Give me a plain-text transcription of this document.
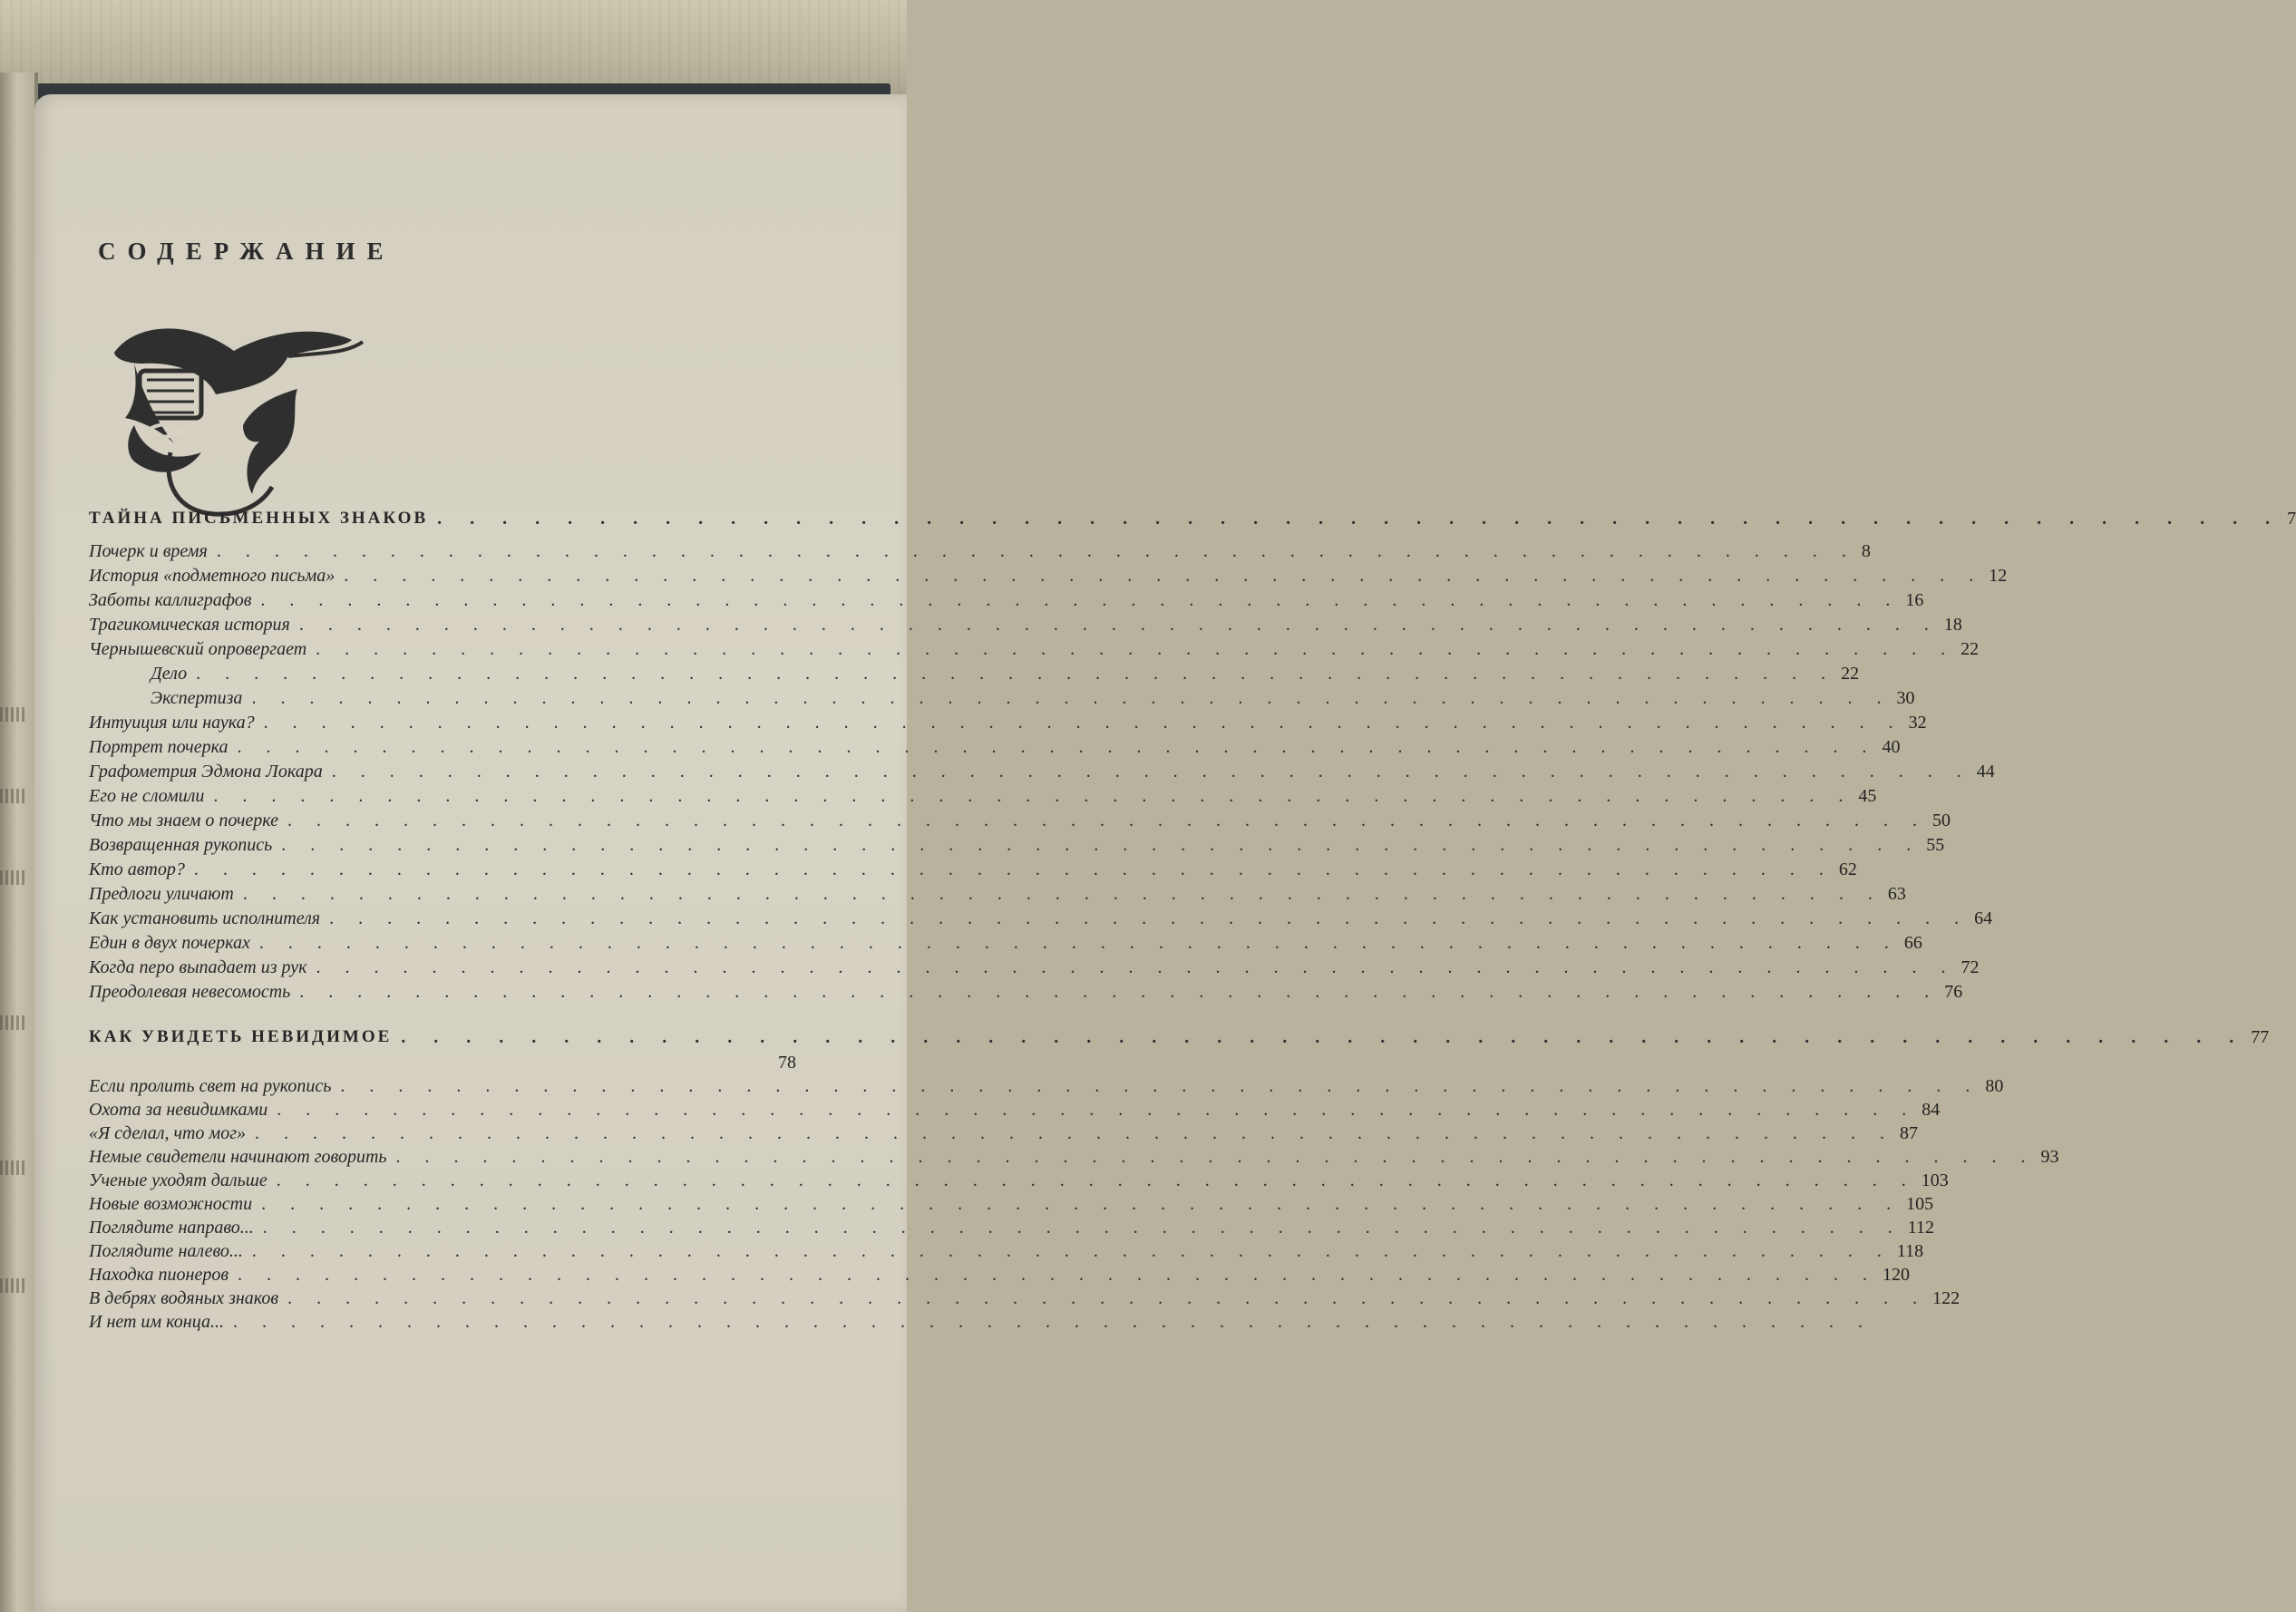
СОДЕРЖАНИЕ
ТАЙНА ПИСЬМЕННЫХ ЗНАКОВ . . . . . . . . . . . . . . . . . . . . . . . . . . . . . . . . . . . . . . . . . . . . . . . . . . . . . . . . . 7
Почерк и время . . . . . . . . . . . . . . . . . . . . . . . . . . . . . . . . . . . . . . . . . . . . . . . . . . . . . . . . . 8
История «подметного письма» . . . . . . . . . . . . . . . . . . . . . . . . . . . . . . . . . . . . . . . . . . . . . . . . . . . . . . . . . 12
Заботы каллиграфов . . . . . . . . . . . . . . . . . . . . . . . . . . . . . . . . . . . . . . . . . . . . . . . . . . . . . . . . . 16
Трагикомическая история . . . . . . . . . . . . . . . . . . . . . . . . . . . . . . . . . . . . . . . . . . . . . . . . . . . . . . . . . 18
Чернышевский опровергает . . . . . . . . . . . . . . . . . . . . . . . . . . . . . . . . . . . . . . . . . . . . . . . . . . . . . . . . . 22
Дело . . . . . . . . . . . . . . . . . . . . . . . . . . . . . . . . . . . . . . . . . . . . . . . . . . . . . . . . . 22
Экспертиза . . . . . . . . . . . . . . . . . . . . . . . . . . . . . . . . . . . . . . . . . . . . . . . . . . . . . . . . . 30
Интуиция или наука? . . . . . . . . . . . . . . . . . . . . . . . . . . . . . . . . . . . . . . . . . . . . . . . . . . . . . . . . . 32
Портрет почерка . . . . . . . . . . . . . . . . . . . . . . . . . . . . . . . . . . . . . . . . . . . . . . . . . . . . . . . . . 40
Графометрия Эдмона Локара . . . . . . . . . . . . . . . . . . . . . . . . . . . . . . . . . . . . . . . . . . . . . . . . . . . . . . . . . 44
Его не сломили . . . . . . . . . . . . . . . . . . . . . . . . . . . . . . . . . . . . . . . . . . . . . . . . . . . . . . . . . 45
Что мы знаем о почерке . . . . . . . . . . . . . . . . . . . . . . . . . . . . . . . . . . . . . . . . . . . . . . . . . . . . . . . . . 50
Возвращенная рукопись . . . . . . . . . . . . . . . . . . . . . . . . . . . . . . . . . . . . . . . . . . . . . . . . . . . . . . . . . 55
Кто автор? . . . . . . . . . . . . . . . . . . . . . . . . . . . . . . . . . . . . . . . . . . . . . . . . . . . . . . . . . 62
Предлоги уличают . . . . . . . . . . . . . . . . . . . . . . . . . . . . . . . . . . . . . . . . . . . . . . . . . . . . . . . . . 63
Как установить исполнителя . . . . . . . . . . . . . . . . . . . . . . . . . . . . . . . . . . . . . . . . . . . . . . . . . . . . . . . . . 64
Един в двух почерках . . . . . . . . . . . . . . . . . . . . . . . . . . . . . . . . . . . . . . . . . . . . . . . . . . . . . . . . . 66
Когда перо выпадает из рук . . . . . . . . . . . . . . . . . . . . . . . . . . . . . . . . . . . . . . . . . . . . . . . . . . . . . . . . . 72
Преодолевая невесомость . . . . . . . . . . . . . . . . . . . . . . . . . . . . . . . . . . . . . . . . . . . . . . . . . . . . . . . . . 76
КАК УВИДЕТЬ НЕВИДИМОЕ . . . . . . . . . . . . . . . . . . . . . . . . . . . . . . . . . . . . . . . . . . . . . . . . . . . . . . . . . 77
78
Если пролить свет на рукопись . . . . . . . . . . . . . . . . . . . . . . . . . . . . . . . . . . . . . . . . . . . . . . . . . . . . . . . . . 80
Охота за невидимками . . . . . . . . . . . . . . . . . . . . . . . . . . . . . . . . . . . . . . . . . . . . . . . . . . . . . . . . . 84
«Я сделал, что мог» . . . . . . . . . . . . . . . . . . . . . . . . . . . . . . . . . . . . . . . . . . . . . . . . . . . . . . . . . 87
Немые свидетели начинают говорить . . . . . . . . . . . . . . . . . . . . . . . . . . . . . . . . . . . . . . . . . . . . . . . . . . . . . . . . . 93
Ученые уходят дальше . . . . . . . . . . . . . . . . . . . . . . . . . . . . . . . . . . . . . . . . . . . . . . . . . . . . . . . . . 103
Новые возможности . . . . . . . . . . . . . . . . . . . . . . . . . . . . . . . . . . . . . . . . . . . . . . . . . . . . . . . . . 105
Поглядите направо... . . . . . . . . . . . . . . . . . . . . . . . . . . . . . . . . . . . . . . . . . . . . . . . . . . . . . . . . . 112
Поглядите налево... . . . . . . . . . . . . . . . . . . . . . . . . . . . . . . . . . . . . . . . . . . . . . . . . . . . . . . . . . 118
Находка пионеров . . . . . . . . . . . . . . . . . . . . . . . . . . . . . . . . . . . . . . . . . . . . . . . . . . . . . . . . . 120
В дебрях водяных знаков . . . . . . . . . . . . . . . . . . . . . . . . . . . . . . . . . . . . . . . . . . . . . . . . . . . . . . . . . 122
И нет им конца... . . . . . . . . . . . . . . . . . . . . . . . . . . . . . . . . . . . . . . . . . . . . . . . . . . . . . . . . .
